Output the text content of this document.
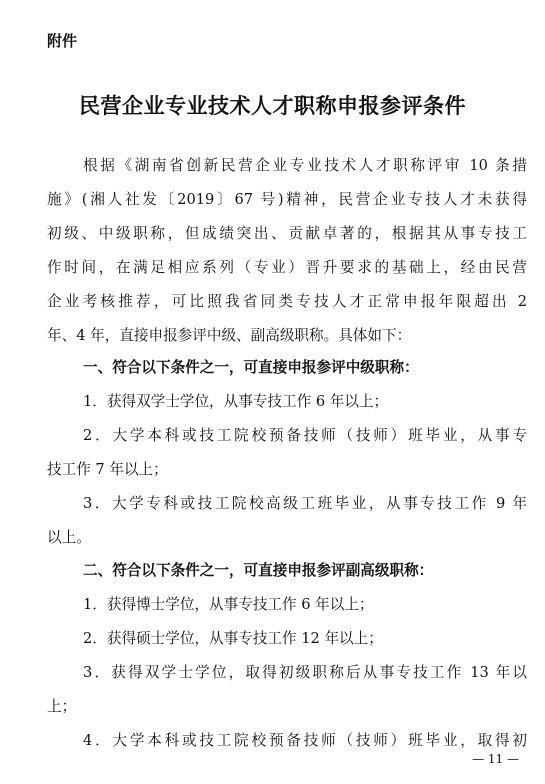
附件
民营企业专业技术人才职称申报参评条件
根据《湖南省创新民营企业专业技术人才职称评审 10 条措
施》(湘人社发〔2019〕67 号)精神，民营企业专技人才未获得
初级、中级职称，但成绩突出、贡献卓著的，根据其从事专技工
作时间，在满足相应系列（专业）晋升要求的基础上，经由民营
企业考核推荐，可比照我省同类专技人才正常申报年限超出 2
年、4 年，直接申报参评中级、副高级职称。具体如下：
一、符合以下条件之一，可直接申报参评中级职称：
1．获得双学士学位，从事专技工作 6 年以上；
2．大学本科或技工院校预备技师（技师）班毕业，从事专
技工作 7 年以上；
3．大学专科或技工院校高级工班毕业，从事专技工作 9 年
以上。
二、符合以下条件之一，可直接申报参评副高级职称：
1．获得博士学位，从事专技工作 6 年以上；
2．获得硕士学位，从事专技工作 12 年以上；
3．获得双学士学位，取得初级职称后从事专技工作 13 年以
上；
4．大学本科或技工院校预备技师（技师）班毕业，取得初
— 11 —
